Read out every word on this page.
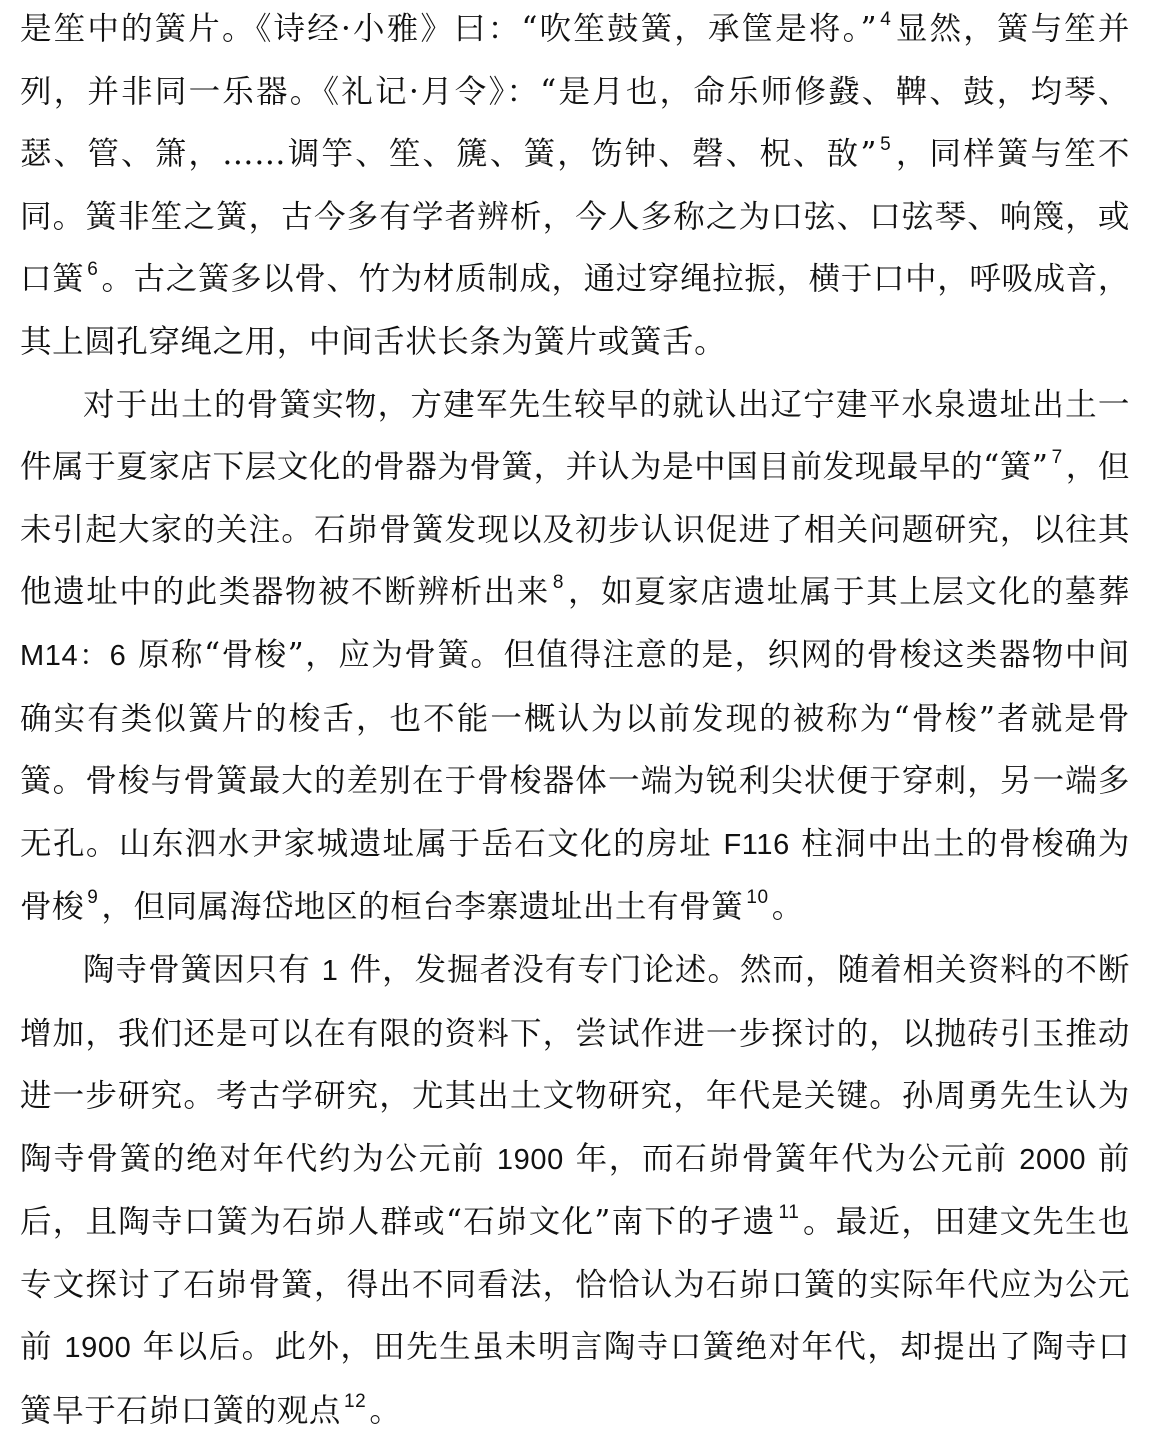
是笙中的簧片。《诗经·小雅》曰：“吹笙鼓簧，承筐是将。” $^4$显然，簧与笙并列，并非同一乐器。《礼记·月令》：“是月也，命乐师修鼗、鞞、鼓，均琴、瑟、管、箫，……调竽、笙、篪、簧，饬钟、磬、柷、敔” $^5$，同样簧与笙不同。簧非笙之簧，古今多有学者辨析，今人多称之为口弦、口弦琴、响篾，或口簧 $^6$。古之簧多以骨、竹为材质制成，通过穿绳拉振，横于口中，呼吸成音，其上圆孔穿绳之用，中间舌状长条为簧片或簧舌。

对于出土的骨簧实物，方建军先生较早的就认出辽宁建平水泉遗址出土一件属于夏家店下层文化的骨器为骨簧，并认为是中国目前发现最早的“簧” $^7$，但未引起大家的关注。石峁骨簧发现以及初步认识促进了相关问题研究，以往其他遗址中的此类器物被不断辨析出来 $^8$，如夏家店遗址属于其上层文化的墓葬 M14：6 原称“骨梭”，应为骨簧。但值得注意的是，织网的骨梭这类器物中间确实有类似簧片的梭舌，也不能一概认为以前发现的被称为“骨梭”者就是骨簧。骨梭与骨簧最大的差别在于骨梭器体一端为锐利尖状便于穿刺，另一端多无孔。山东泗水尹家城遗址属于岳石文化的房址 F116 柱洞中出土的骨梭确为骨梭 $^9$，但同属海岱地区的桓台李寨遗址出土有骨簧 $^{10}$。

陶寺骨簧因只有 1 件，发掘者没有专门论述。然而，随着相关资料的不断增加，我们还是可以在有限的资料下，尝试作进一步探讨的，以抛砖引玉推动进一步研究。考古学研究，尤其出土文物研究，年代是关键。孙周勇先生认为陶寺骨簧的绝对年代约为公元前 1900 年，而石峁骨簧年代为公元前 2000 前后，且陶寺口簧为石峁人群或“石峁文化”南下的孑遗 $^{11}$。最近，田建文先生也专文探讨了石峁骨簧，得出不同看法，恰恰认为石峁口簧的实际年代应为公元前 1900 年以后。此外，田先生虽未明言陶寺口簧绝对年代，却提出了陶寺口簧早于石峁口簧的观点 $^{12}$。
